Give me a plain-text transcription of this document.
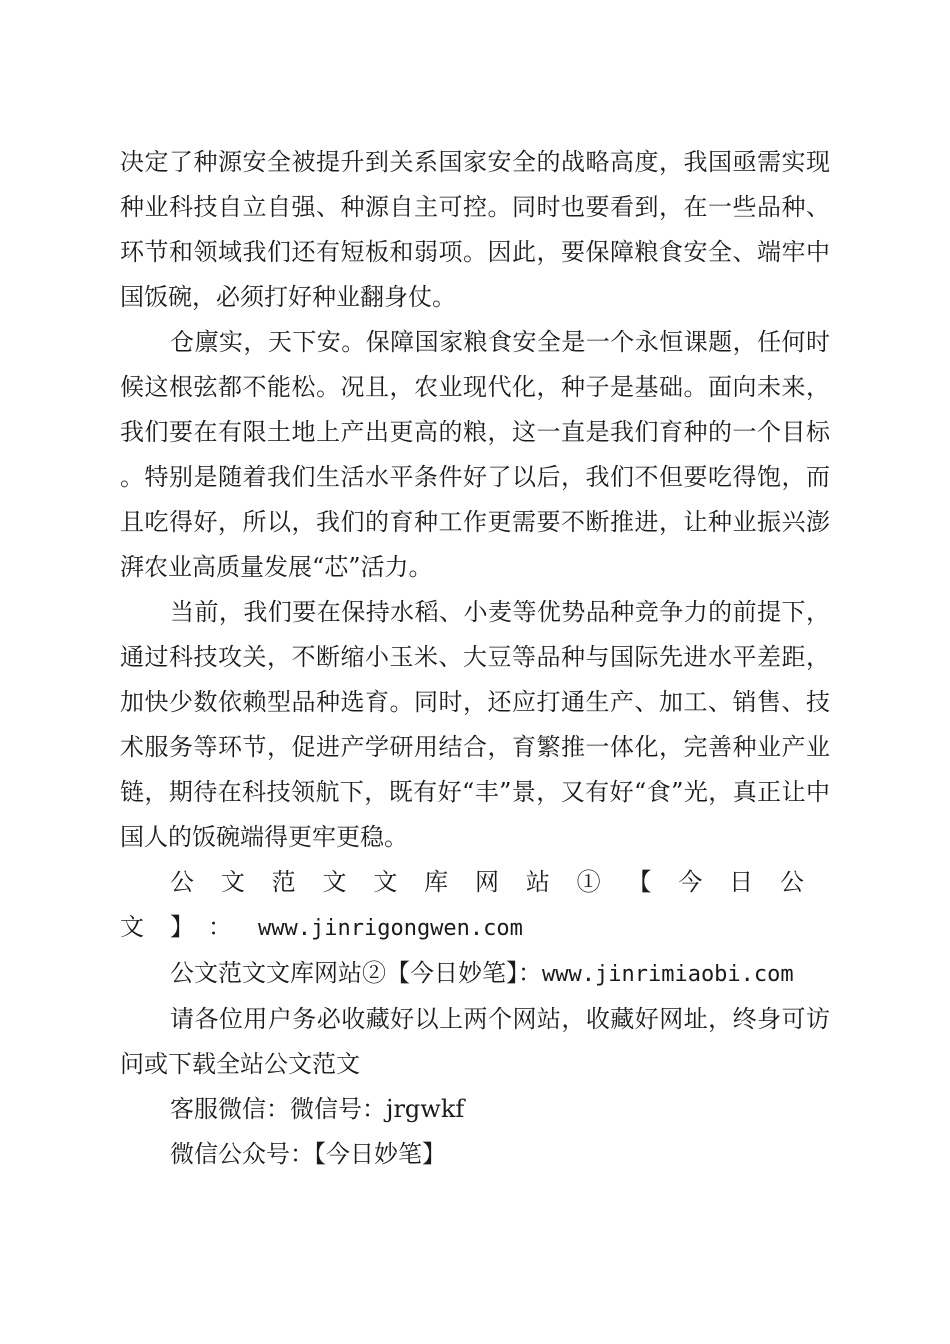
决定了种源安全被提升到关系国家安全的战略高度，我国亟需实现种业科技自立自强、种源自主可控。同时也要看到，在一些品种、环节和领域我们还有短板和弱项。因此，要保障粮食安全、端牢中国饭碗，必须打好种业翻身仗。

仓廪实，天下安。保障国家粮食安全是一个永恒课题，任何时候这根弦都不能松。况且，农业现代化，种子是基础。面向未来，我们要在有限土地上产出更高的粮，这一直是我们育种的一个目标。特别是随着我们生活水平条件好了以后，我们不但要吃得饱，而且吃得好，所以，我们的育种工作更需要不断推进，让种业振兴澎湃农业高质量发展“芯”活力。

当前，我们要在保持水稻、小麦等优势品种竞争力的前提下，通过科技攻关，不断缩小玉米、大豆等品种与国际先进水平差距，加快少数依赖型品种选育。同时，还应打通生产、加工、销售、技术服务等环节，促进产学研用结合，育繁推一体化，完善种业产业链，期待在科技领航下，既有好“丰”景，又有好“食”光，真正让中国人的饭碗端得更牢更稳。

公文范文文库网站①【今日公文】：www.jinrigongwen.com

公文范文文库网站②【今日妙笔】：www.jinrimiaobi.com

请各位用户务必收藏好以上两个网站，收藏好网址，终身可访问或下载全站公文范文

客服微信：微信号：jrgwkf

微信公众号：【今日妙笔】
